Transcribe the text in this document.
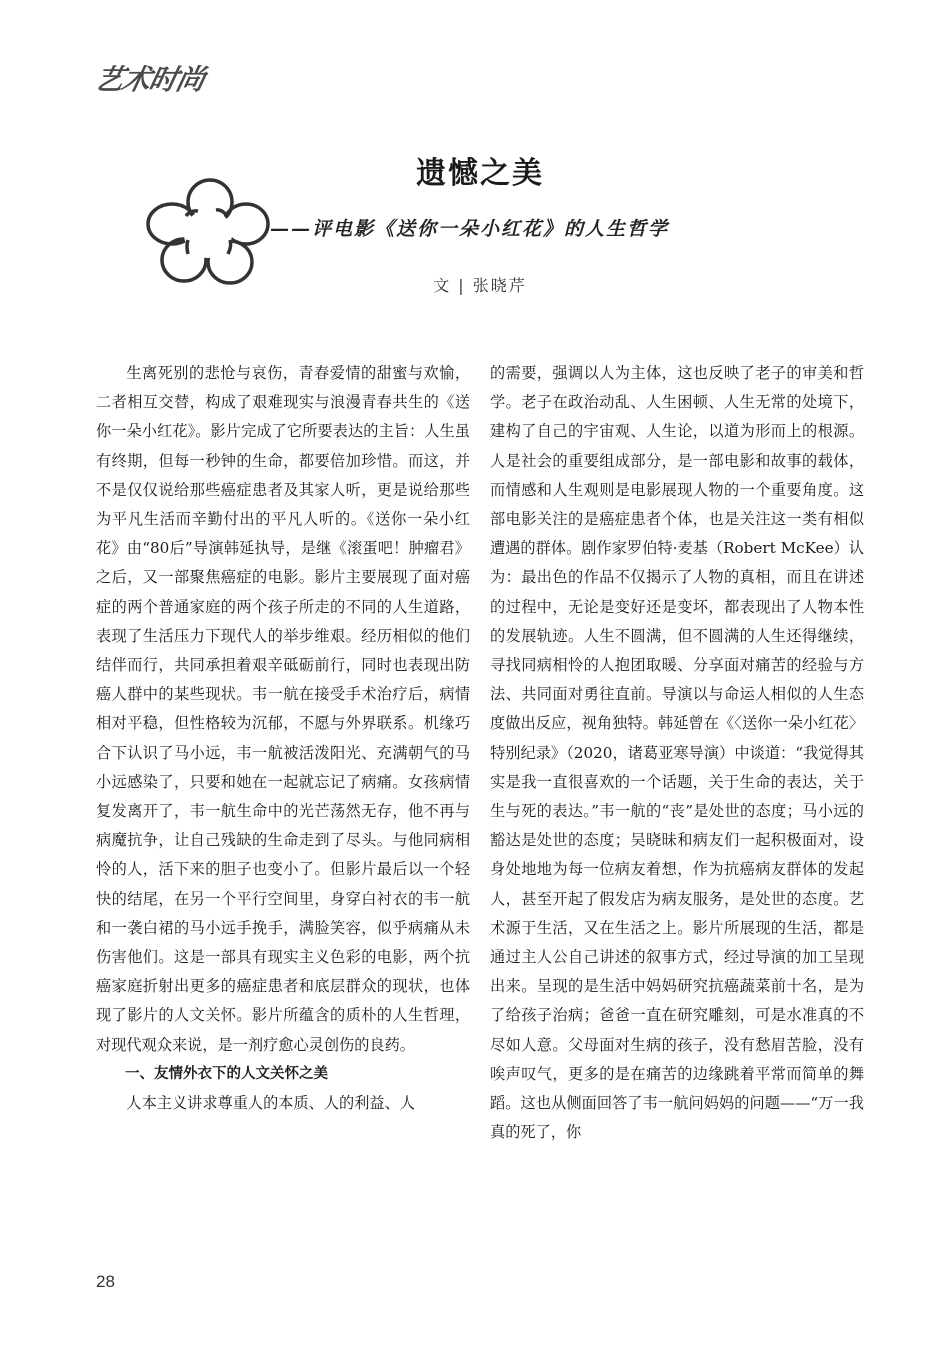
艺术时尚
遗憾之美
——评电影《送你一朵小红花》的人生哲学
文 | 张晓芹

生离死别的悲怆与哀伤，青春爱情的甜蜜与欢愉，二者相互交替，构成了艰难现实与浪漫青春共生的《送你一朵小红花》。影片完成了它所要表达的主旨：人生虽有终期，但每一秒钟的生命，都要倍加珍惜。而这，并不是仅仅说给那些癌症患者及其家人听，更是说给那些为平凡生活而辛勤付出的平凡人听的。《送你一朵小红花》由“80后”导演韩延执导，是继《滚蛋吧！肿瘤君》之后，又一部聚焦癌症的电影。影片主要展现了面对癌症的两个普通家庭的两个孩子所走的不同的人生道路，表现了生活压力下现代人的举步维艰。经历相似的他们结伴而行，共同承担着艰辛砥砺前行，同时也表现出防癌人群中的某些现状。韦一航在接受手术治疗后，病情相对平稳，但性格较为沉郁，不愿与外界联系。机缘巧合下认识了马小远，韦一航被活泼阳光、充满朝气的马小远感染了，只要和她在一起就忘记了病痛。女孩病情复发离开了，韦一航生命中的光芒荡然无存，他不再与病魔抗争，让自己残缺的生命走到了尽头。与他同病相怜的人，活下来的胆子也变小了。但影片最后以一个轻快的结尾，在另一个平行空间里，身穿白衬衣的韦一航和一袭白裙的马小远手挽手，满脸笑容，似乎病痛从未伤害他们。这是一部具有现实主义色彩的电影，两个抗癌家庭折射出更多的癌症患者和底层群众的现状，也体现了影片的人文关怀。影片所蕴含的质朴的人生哲理，对现代观众来说，是一剂疗愈心灵创伤的良药。

一、友情外衣下的人文关怀之美

人本主义讲求尊重人的本质、人的利益、人

的需要，强调以人为主体，这也反映了老子的审美和哲学。老子在政治动乱、人生困顿、人生无常的处境下，建构了自己的宇宙观、人生论，以道为形而上的根源。人是社会的重要组成部分，是一部电影和故事的载体，而情感和人生观则是电影展现人物的一个重要角度。这部电影关注的是癌症患者个体，也是关注这一类有相似遭遇的群体。剧作家罗伯特·麦基（Robert McKee）认为：最出色的作品不仅揭示了人物的真相，而且在讲述的过程中，无论是变好还是变坏，都表现出了人物本性的发展轨迹。人生不圆满，但不圆满的人生还得继续，寻找同病相怜的人抱团取暖、分享面对痛苦的经验与方法、共同面对勇往直前。导演以与命运人相似的人生态度做出反应，视角独特。韩延曾在《〈送你一朵小红花〉特别纪录》（2020，诸葛亚寒导演）中谈道：“我觉得其实是我一直很喜欢的一个话题，关于生命的表达，关于生与死的表达。”韦一航的“丧”是处世的态度；马小远的豁达是处世的态度；吴晓昧和病友们一起积极面对，设身处地地为每一位病友着想，作为抗癌病友群体的发起人，甚至开起了假发店为病友服务，是处世的态度。艺术源于生活，又在生活之上。影片所展现的生活，都是通过主人公自己讲述的叙事方式，经过导演的加工呈现出来。呈现的是生活中妈妈研究抗癌蔬菜前十名，是为了给孩子治病；爸爸一直在研究雕刻，可是水准真的不尽如人意。父母面对生病的孩子，没有愁眉苦脸，没有唉声叹气，更多的是在痛苦的边缘跳着平常而简单的舞蹈。这也从侧面回答了韦一航问妈妈的问题——“万一我真的死了，你

28
